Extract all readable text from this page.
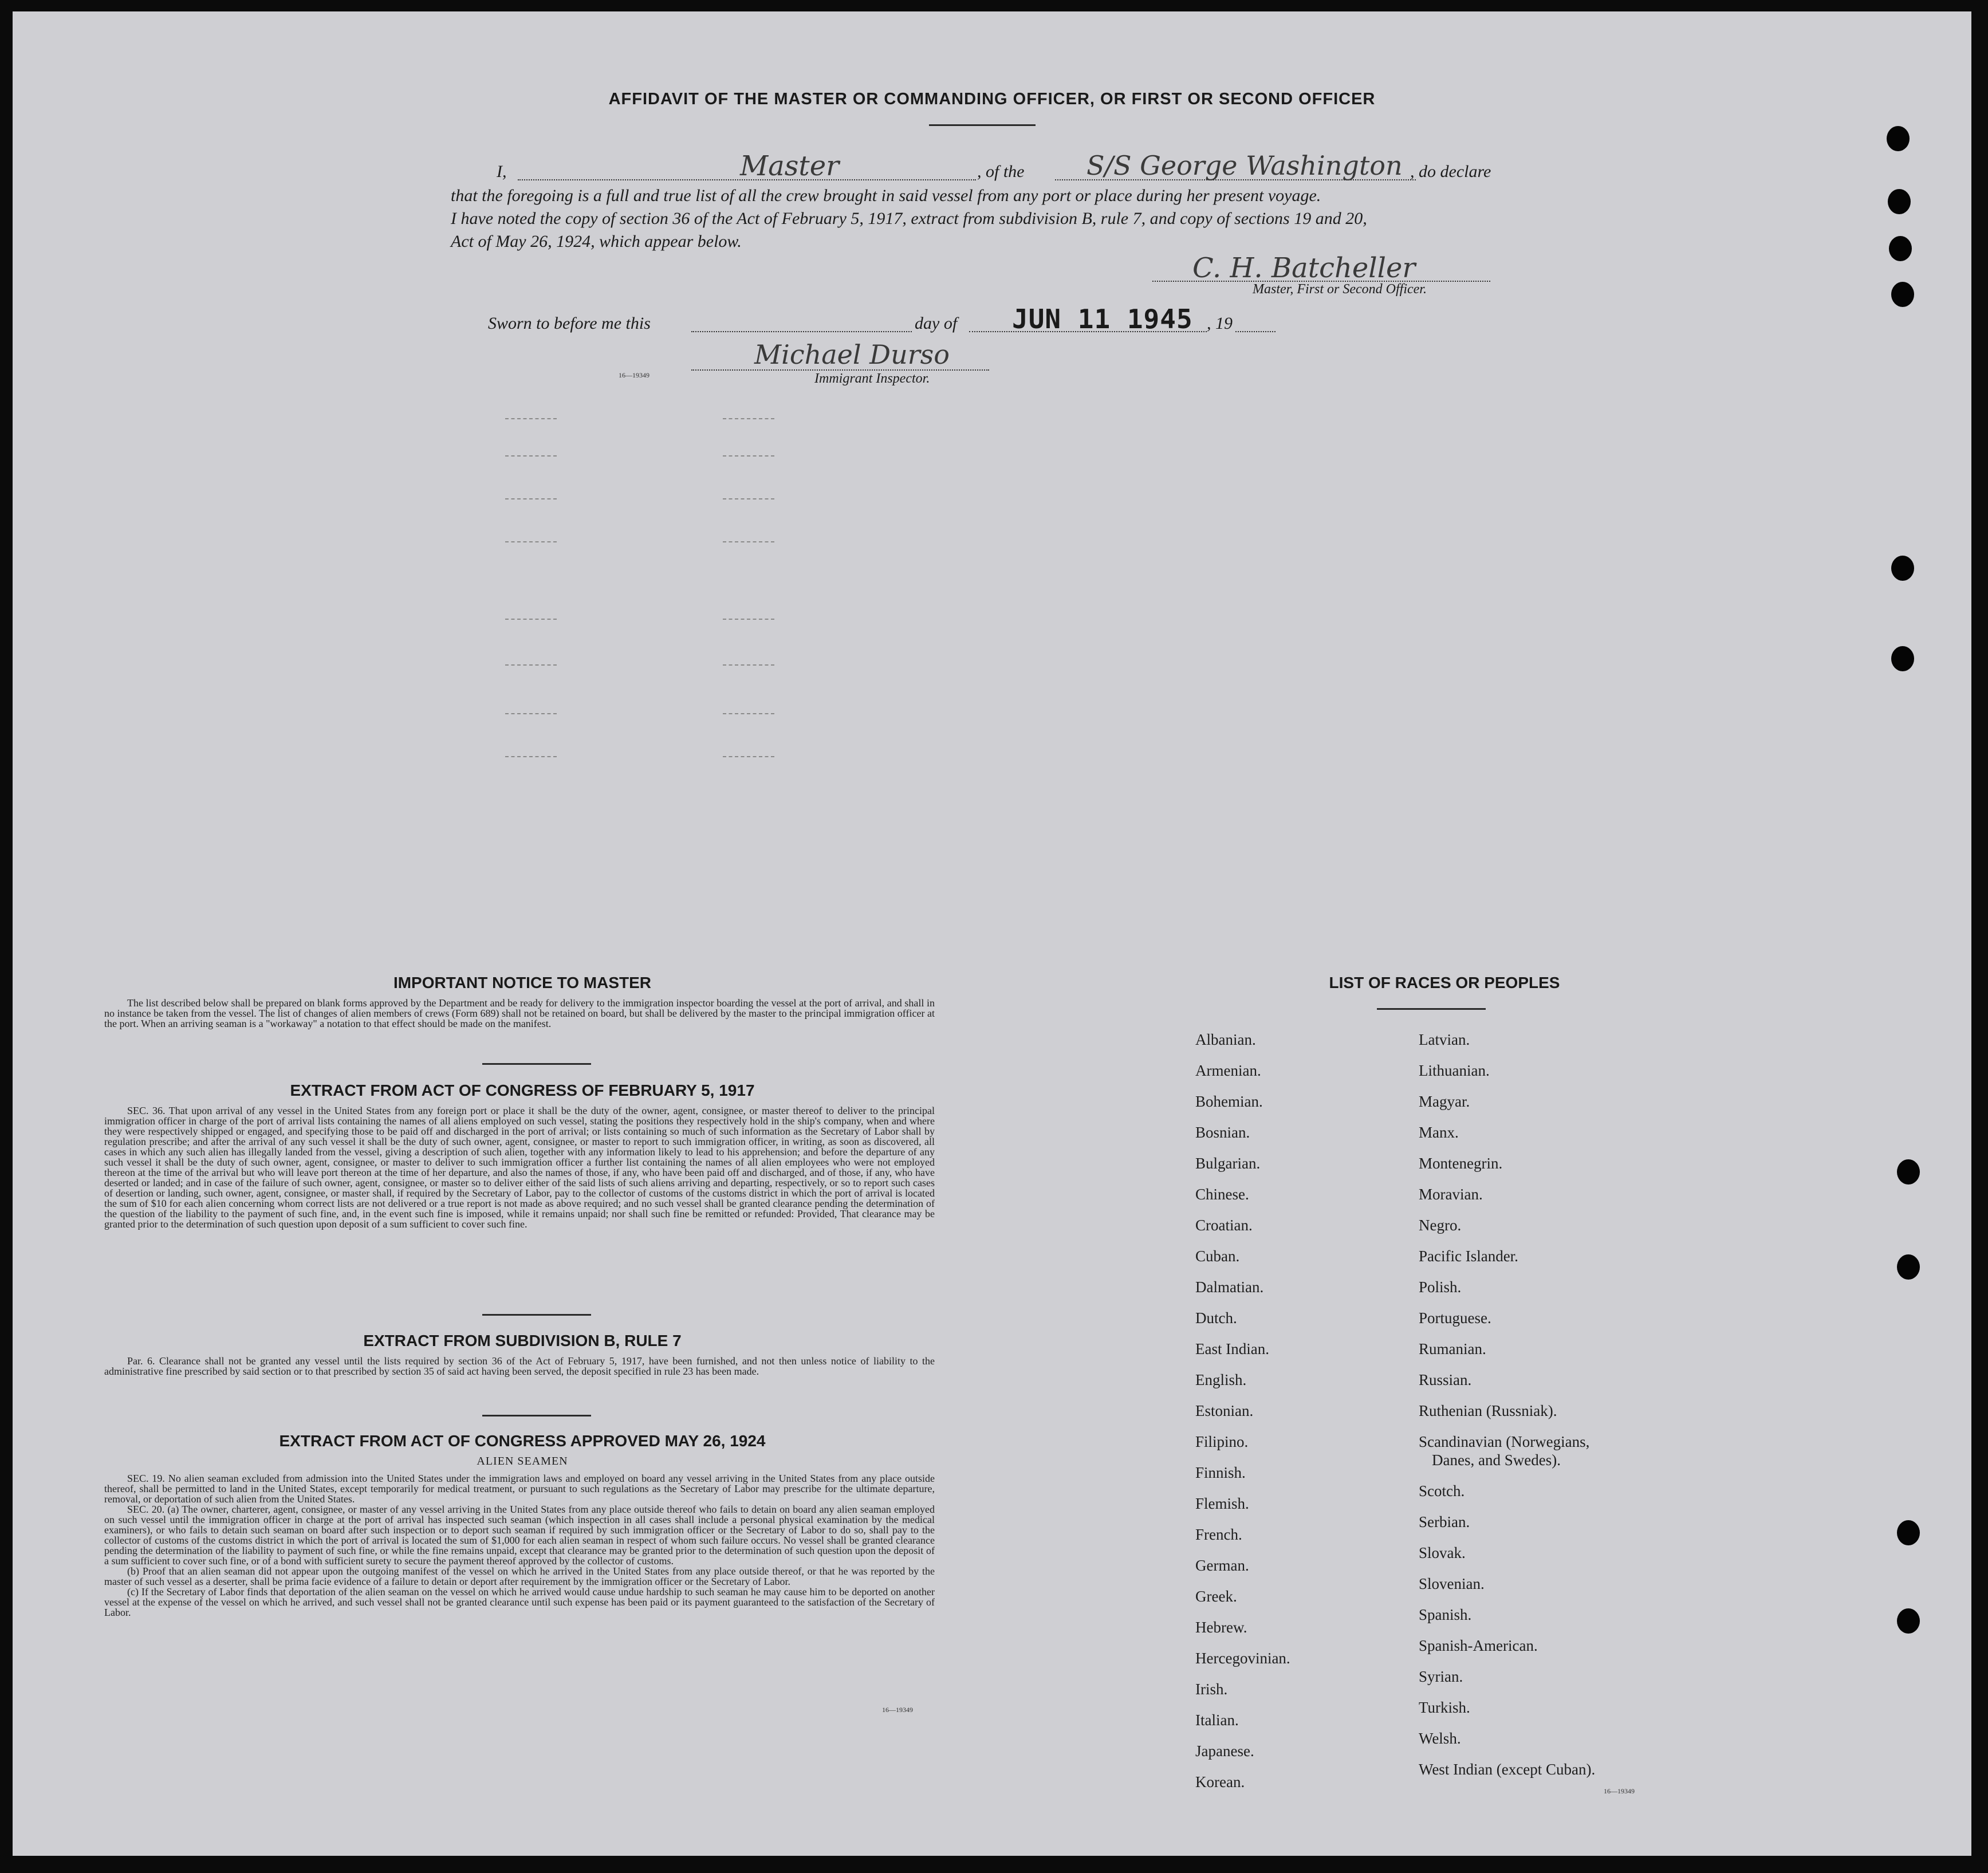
AFFIDAVIT OF THE MASTER OR COMMANDING OFFICER, OR FIRST OR SECOND OFFICER
I,	Master	, of the S/S George Washington , do declare
that the foregoing is a full and true list of all the crew brought in said vessel from any port or place during her present voyage.
I have noted the copy of section 36 of the Act of February 5, 1917, extract from subdivision B, rule 7, and copy of sections 19 and 20,
Act of May 26, 1924, which appear below.
C. H. Batcheller
Master, First or Second Officer.
Sworn to before me this	day of JUN 11 1945 , 19
Michael Durso
16—19349	Immigrant Inspector.
IMPORTANT NOTICE TO MASTER

The list described below shall be prepared on blank forms approved by the Department and be ready for delivery to the immigration inspector boarding the vessel at the port of arrival, and shall in no instance be taken from the vessel. The list of changes of alien members of crews (Form 689) shall not be retained on board, but shall be delivered by the master to the principal immigration officer at the port. When an arriving seaman is a "workaway" a notation to that effect should be made on the manifest.

EXTRACT FROM ACT OF CONGRESS OF FEBRUARY 5, 1917

SEC. 36. That upon arrival of any vessel in the United States from any foreign port or place it shall be the duty of the owner, agent, consignee, or master thereof to deliver to the principal immigration officer in charge of the port of arrival lists containing the names of all aliens employed on such vessel, stating the positions they respectively hold in the ship's company, when and where they were respectively shipped or engaged, and specifying those to be paid off and discharged in the port of arrival; or lists containing so much of such information as the Secretary of Labor shall by regulation prescribe; and after the arrival of any such vessel it shall be the duty of such owner, agent, consignee, or master to report to such immigration officer, in writing, as soon as discovered, all cases in which any such alien has illegally landed from the vessel, giving a description of such alien, together with any information likely to lead to his apprehension; and before the departure of any such vessel it shall be the duty of such owner, agent, consignee, or master to deliver to such immigration officer a further list containing the names of all alien employees who were not employed thereon at the time of the arrival but who will leave port thereon at the time of her departure, and also the names of those, if any, who have been paid off and discharged, and of those, if any, who have deserted or landed; and in case of the failure of such owner, agent, consignee, or master so to deliver either of the said lists of such aliens arriving and departing, respectively, or so to report such cases of desertion or landing, such owner, agent, consignee, or master shall, if required by the Secretary of Labor, pay to the collector of customs of the customs district in which the port of arrival is located the sum of $10 for each alien concerning whom correct lists are not delivered or a true report is not made as above required; and no such vessel shall be granted clearance pending the determination of the question of the liability to the payment of such fine, and, in the event such fine is imposed, while it remains unpaid; nor shall such fine be remitted or refunded: Provided, That clearance may be granted prior to the determination of such question upon deposit of a sum sufficient to cover such fine.

EXTRACT FROM SUBDIVISION B, RULE 7

Par. 6. Clearance shall not be granted any vessel until the lists required by section 36 of the Act of February 5, 1917, have been furnished, and not then unless notice of liability to the administrative fine prescribed by said section or to that prescribed by section 35 of said act having been served, the deposit specified in rule 23 has been made.

EXTRACT FROM ACT OF CONGRESS APPROVED MAY 26, 1924
ALIEN SEAMEN

SEC. 19. No alien seaman excluded from admission into the United States under the immigration laws and employed on board any vessel arriving in the United States from any place outside thereof, shall be permitted to land in the United States, except temporarily for medical treatment, or pursuant to such regulations as the Secretary of Labor may prescribe for the ultimate departure, removal, or deportation of such alien from the United States.

SEC. 20. (a) The owner, charterer, agent, consignee, or master of any vessel arriving in the United States from any place outside thereof who fails to detain on board any alien seaman employed on such vessel until the immigration officer in charge at the port of arrival has inspected such seaman (which inspection in all cases shall include a personal physical examination by the medical examiners), or who fails to detain such seaman on board after such inspection or to deport such seaman if required by such immigration officer or the Secretary of Labor to do so, shall pay to the collector of customs of the customs district in which the port of arrival is located the sum of $1,000 for each alien seaman in respect of whom such failure occurs. No vessel shall be granted clearance pending the determination of the liability to payment of such fine, or while the fine remains unpaid, except that clearance may be granted prior to the determination of such question upon the deposit of a sum sufficient to cover such fine, or of a bond with sufficient surety to secure the payment thereof approved by the collector of customs.

(b) Proof that an alien seaman did not appear upon the outgoing manifest of the vessel on which he arrived in the United States from any place outside thereof, or that he was reported by the master of such vessel as a deserter, shall be prima facie evidence of a failure to detain or deport after requirement by the immigration officer or the Secretary of Labor.

(c) If the Secretary of Labor finds that deportation of the alien seaman on the vessel on which he arrived would cause undue hardship to such seaman he may cause him to be deported on another vessel at the expense of the vessel on which he arrived, and such vessel shall not be granted clearance until such expense has been paid or its payment guaranteed to the satisfaction of the Secretary of Labor.

16—19349
LIST OF RACES OR PEOPLES
Albanian.
Armenian.
Bohemian.
Bosnian.
Bulgarian.
Chinese.
Croatian.
Cuban.
Dalmatian.
Dutch.
East Indian.
English.
Estonian.
Filipino.
Finnish.
Flemish.
French.
German.
Greek.
Hebrew.
Hercegovinian.
Irish.
Italian.
Japanese.
Korean.
Latvian.
Lithuanian.
Magyar.
Manx.
Montenegrin.
Moravian.
Negro.
Pacific Islander.
Polish.
Portuguese.
Rumanian.
Russian.
Ruthenian (Russniak).
Scandinavian (Norwegians,
Danes, and Swedes).
Scotch.
Serbian.
Slovak.
Slovenian.
Spanish.
Spanish-American.
Syrian.
Turkish.
Welsh.
West Indian (except Cuban).
16—19349
